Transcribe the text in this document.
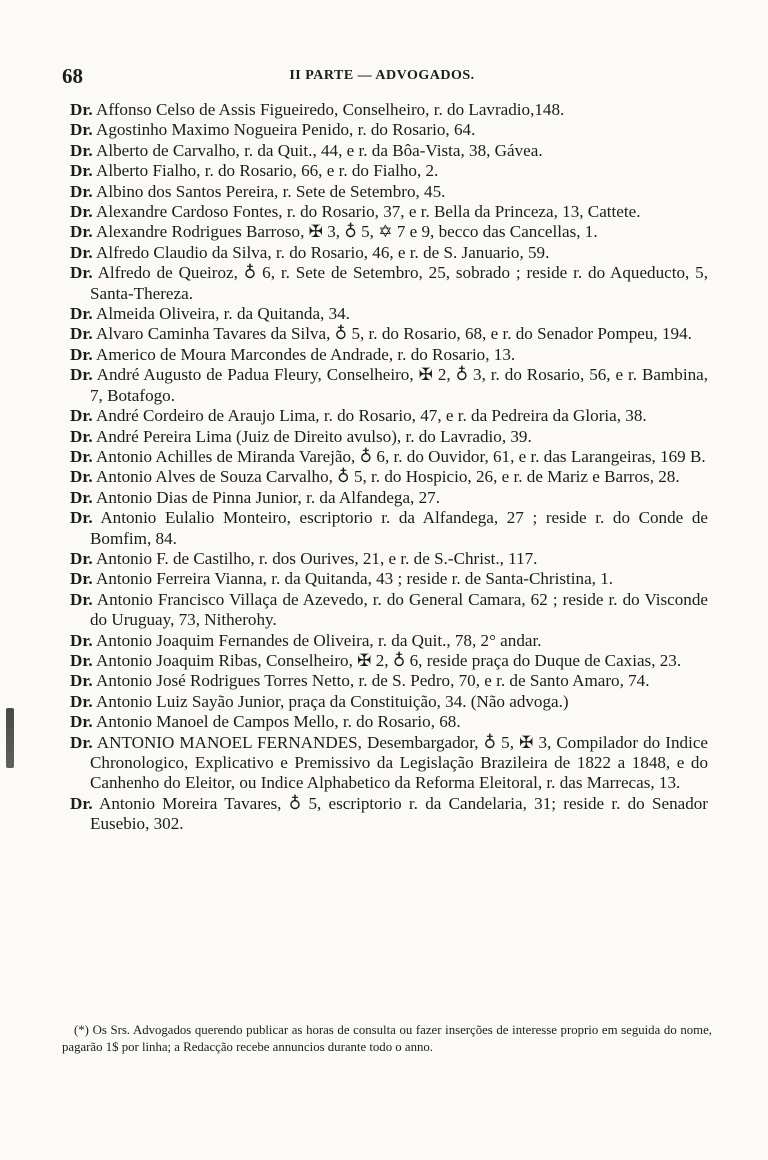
68	II PARTE — ADVOGADOS.

Dr. Affonso Celso de Assis Figueiredo, Conselheiro, r. do Lavradio,148.

Dr. Agostinho Maximo Nogueira Penido, r. do Rosario, 64.

Dr. Alberto de Carvalho, r. da Quit., 44, e r. da Bôa-Vista, 38, Gávea.

Dr. Alberto Fialho, r. do Rosario, 66, e r. do Fialho, 2.

Dr. Albino dos Santos Pereira, r. Sete de Setembro, 45.

Dr. Alexandre Cardoso Fontes, r. do Rosario, 37, e r. Bella da Princeza, 13, Cattete.

Dr. Alexandre Rodrigues Barroso, ✠ 3, ♁ 5, ✡ 7 e 9, becco das Cancellas, 1.

Dr. Alfredo Claudio da Silva, r. do Rosario, 46, e r. de S. Januario, 59.

Dr. Alfredo de Queiroz, ♁ 6, r. Sete de Setembro, 25, sobrado ; reside r. do Aqueducto, 5, Santa-Thereza.

Dr. Almeida Oliveira, r. da Quitanda, 34.

Dr. Alvaro Caminha Tavares da Silva, ♁ 5, r. do Rosario, 68, e r. do Senador Pompeu, 194.

Dr. Americo de Moura Marcondes de Andrade, r. do Rosario, 13.

Dr. André Augusto de Padua Fleury, Conselheiro, ✠ 2, ♁ 3, r. do Rosario, 56, e r. Bambina, 7, Botafogo.

Dr. André Cordeiro de Araujo Lima, r. do Rosario, 47, e r. da Pedreira da Gloria, 38.

Dr. André Pereira Lima (Juiz de Direito avulso), r. do Lavradio, 39.

Dr. Antonio Achilles de Miranda Varejão, ♁ 6, r. do Ouvidor, 61, e r. das Larangeiras, 169 B.

Dr. Antonio Alves de Souza Carvalho, ♁ 5, r. do Hospicio, 26, e r. de Mariz e Barros, 28.

Dr. Antonio Dias de Pinna Junior, r. da Alfandega, 27.

Dr. Antonio Eulalio Monteiro, escriptorio r. da Alfandega, 27 ; reside r. do Conde de Bomfim, 84.

Dr. Antonio F. de Castilho, r. dos Ourives, 21, e r. de S.-Christ., 117.

Dr. Antonio Ferreira Vianna, r. da Quitanda, 43 ; reside r. de Santa-Christina, 1.

Dr. Antonio Francisco Villaça de Azevedo, r. do General Camara, 62 ; reside r. do Visconde do Uruguay, 73, Nitherohy.

Dr. Antonio Joaquim Fernandes de Oliveira, r. da Quit., 78, 2° andar.

Dr. Antonio Joaquim Ribas, Conselheiro, ✠ 2, ♁ 6, reside praça do Duque de Caxias, 23.

Dr. Antonio José Rodrigues Torres Netto, r. de S. Pedro, 70, e r. de Santo Amaro, 74.

Dr. Antonio Luiz Sayão Junior, praça da Constituição, 34. (Não advoga.)

Dr. Antonio Manoel de Campos Mello, r. do Rosario, 68.

Dr. ANTONIO MANOEL FERNANDES, Desembargador, ♁ 5, ✠ 3, Compilador do Indice Chronologico, Explicativo e Premissivo da Legislação Brazileira de 1822 a 1848, e do Canhenho do Eleitor, ou Indice Alphabetico da Reforma Eleitoral, r. das Marrecas, 13.

Dr. Antonio Moreira Tavares, ♁ 5, escriptorio r. da Candelaria, 31; reside r. do Senador Eusebio, 302.

(*) Os Srs. Advogados querendo publicar as horas de consulta ou fazer inserções de interesse proprio em seguida do nome, pagarão 1$ por linha; a Redacção recebe annuncios durante todo o anno.
